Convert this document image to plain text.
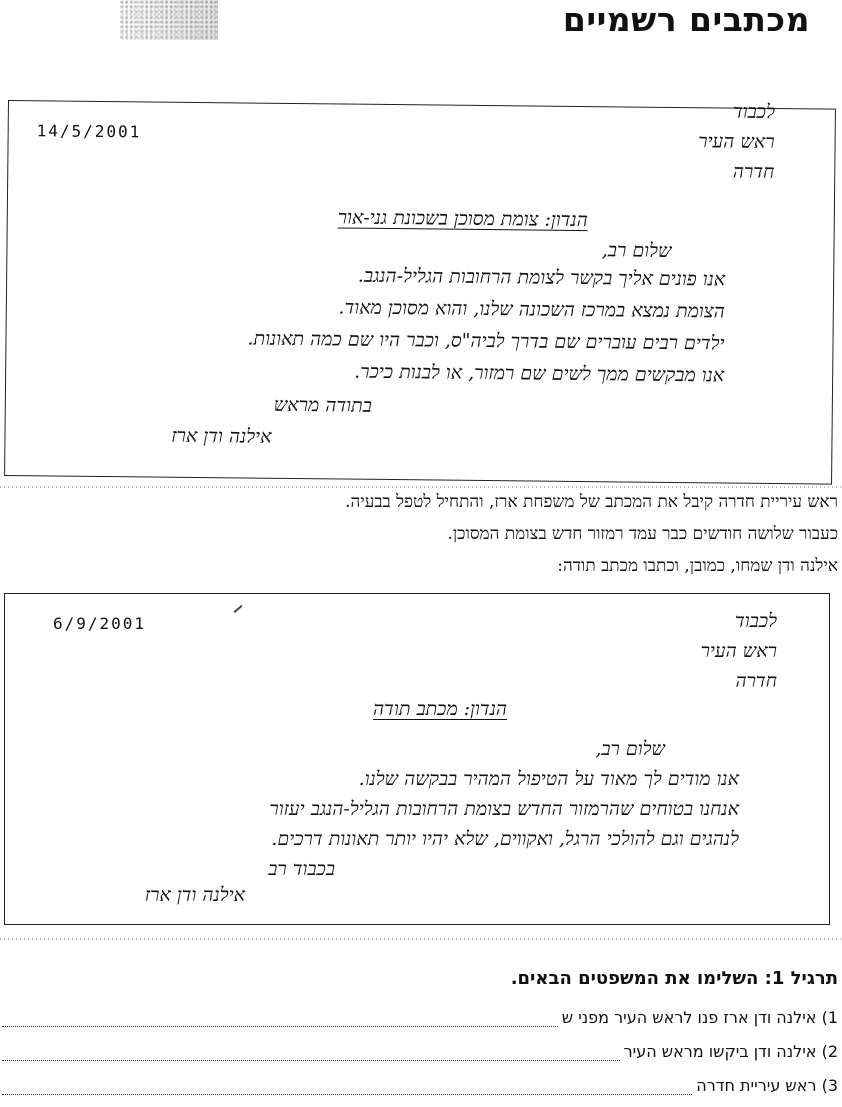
מכתבים רשמיים
14/5/2001
לכבוד
ראש העיר
חדרה
הנדון: צומת מסוכן בשכונת גני-אור
שלום רב,
אנו פונים אליך בקשר לצומת הרחובות הגליל-הנגב.
הצומת נמצא במרכז השכונה שלנו, והוא מסוכן מאוד.
ילדים רבים עוברים שם בדרך לביה"ס, וכבר היו שם כמה תאונות.
אנו מבקשים ממך לשים שם רמזור, או לבנות כיכר.
בתודה מראש
אילנה ודן ארז
ראש עיריית חדרה קיבל את המכתב של משפחת ארז, והתחיל לטפל בבעיה.
כעבור שלושה חודשים כבר עמד רמזור חדש בצומת המסוכן.
אילנה ודן שמחו, כמובן, וכתבו מכתב תודה:
6/9/2001	לכבוד
ראש העיר
חדרה
הנדון: מכתב תודה
שלום רב,
אנו מודים לך מאוד על הטיפול המהיר בבקשה שלנו.
אנחנו בטוחים שהרמזור החדש בצומת הרחובות הגליל-הנגב יעזור
לנהגים וגם להולכי הרגל, ואקווים, שלא יהיו יותר תאונות דרכים.
בכבוד רב
אילנה ודן ארז
תרגיל 1: השלימו את המשפטים הבאים.
1) אילנה ודן ארז פנו לראש העיר מפני ש
2) אילנה ודן ביקשו מראש העיר
3) ראש עיריית חדרה
